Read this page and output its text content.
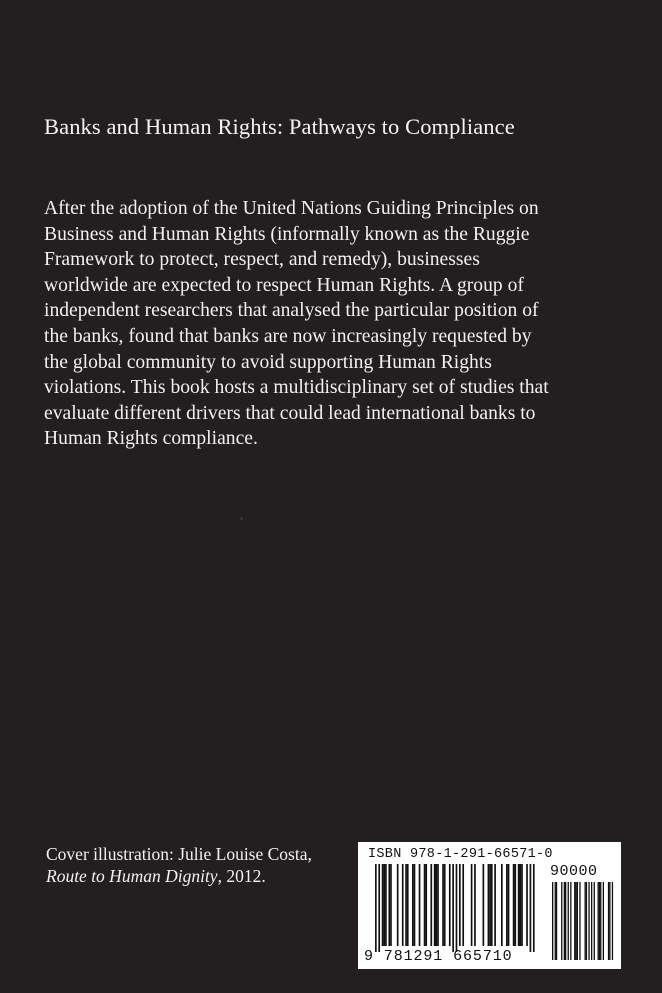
Banks and Human Rights: Pathways to Compliance
After the adoption of the United Nations Guiding Principles on
Business and Human Rights (informally known as the Ruggie
Framework to protect, respect, and remedy), businesses
worldwide are expected to respect Human Rights. A group of
independent researchers that analysed the particular position of
the banks, found that banks are now increasingly requested by
the global community to avoid supporting Human Rights
violations. This book hosts a multidisciplinary set of studies that
evaluate different drivers that could lead international banks to
Human Rights compliance.
Cover illustration: Julie Louise Costa,
Route to Human Dignity, 2012.
ISBN 978-1-291-66571-0
90000
9 781291 665710
